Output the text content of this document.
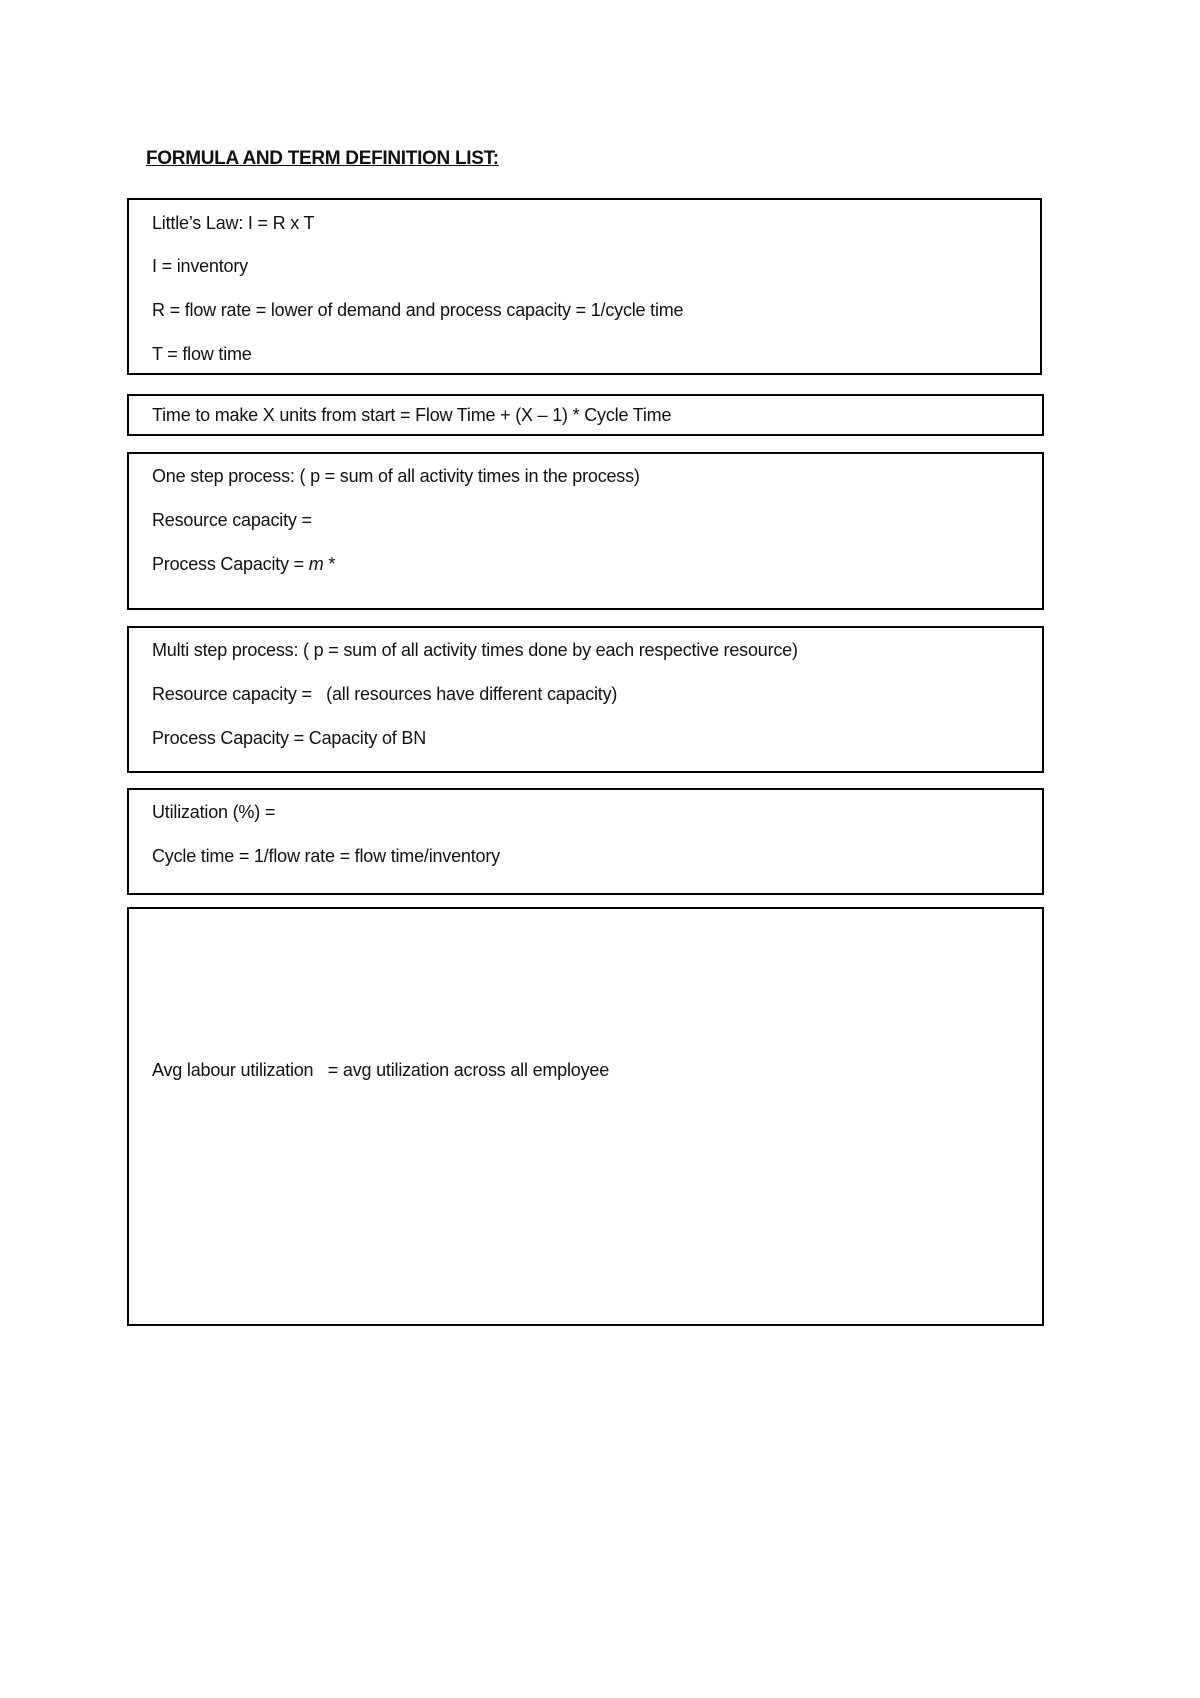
FORMULA AND TERM DEFINITION LIST:
Little’s Law: I = R x T
I = inventory
R = flow rate = lower of demand and process capacity = 1/cycle time
T = flow time
Time to make X units from start = Flow Time + (X – 1) * Cycle Time
One step process: ( p = sum of all activity times in the process)
Resource capacity =
Process Capacity = m *
Multi step process: ( p = sum of all activity times done by each respective resource)
Resource capacity =   (all resources have different capacity)
Process Capacity = Capacity of BN
Utilization (%) =
Cycle time = 1/flow rate = flow time/inventory
Avg labour utilization   = avg utilization across all employee
